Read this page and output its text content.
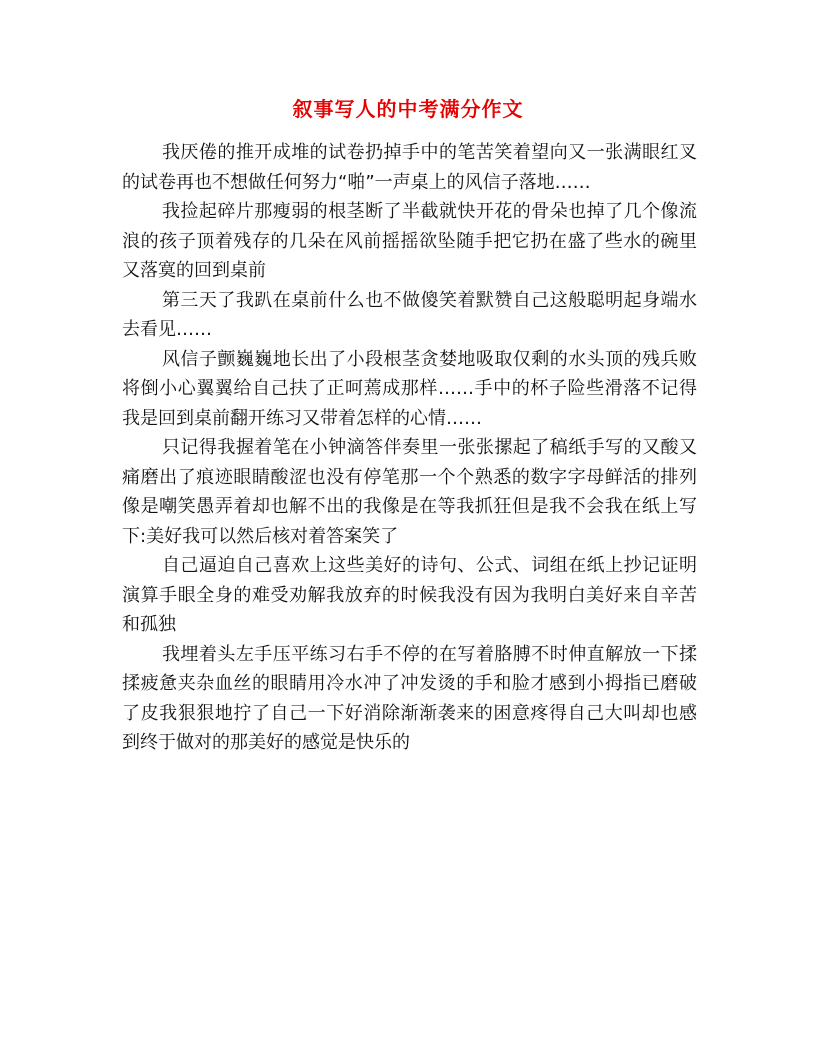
叙事写人的中考满分作文

我厌倦的推开成堆的试卷扔掉手中的笔苦笑着望向又一张满眼红叉的试卷再也不想做任何努力“啪”一声桌上的风信子落地……

我捡起碎片那瘦弱的根茎断了半截就快开花的骨朵也掉了几个像流浪的孩子顶着残存的几朵在风前摇摇欲坠随手把它扔在盛了些水的碗里又落寞的回到桌前

第三天了我趴在桌前什么也不做傻笑着默赞自己这般聪明起身端水去看见……

风信子颤巍巍地长出了小段根茎贪婪地吸取仅剩的水头顶的残兵败将倒小心翼翼给自己扶了正呵蔫成那样……手中的杯子险些滑落不记得我是回到桌前翻开练习又带着怎样的心情……

只记得我握着笔在小钟滴答伴奏里一张张摞起了稿纸手写的又酸又痛磨出了痕迹眼睛酸涩也没有停笔那一个个熟悉的数字字母鲜活的排列像是嘲笑愚弄着却也解不出的我像是在等我抓狂但是我不会我在纸上写下:美好我可以然后核对着答案笑了

自己逼迫自己喜欢上这些美好的诗句、公式、词组在纸上抄记证明演算手眼全身的难受劝解我放弃的时候我没有因为我明白美好来自辛苦和孤独

我埋着头左手压平练习右手不停的在写着胳膊不时伸直解放一下揉揉疲惫夹杂血丝的眼睛用冷水冲了冲发烫的手和脸才感到小拇指已磨破了皮我狠狠地拧了自己一下好消除渐渐袭来的困意疼得自己大叫却也感到终于做对的那美好的感觉是快乐的
